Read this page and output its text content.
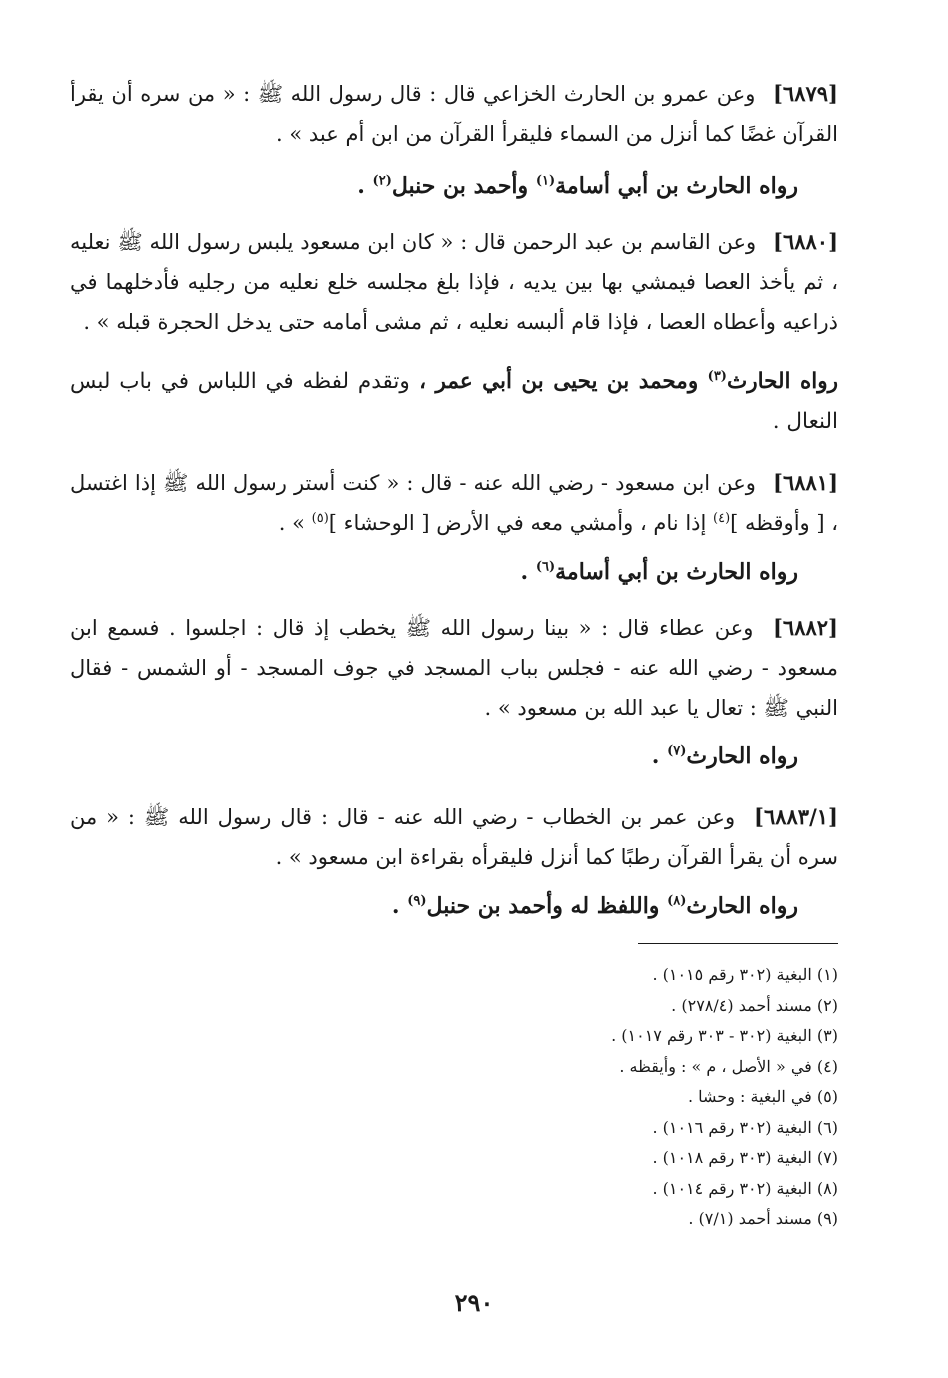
[٦٨٧٩] وعن عمرو بن الحارث الخزاعي قال : قال رسول الله ﷺ : « من سره أن يقرأ القرآن غضًا كما أنزل من السماء فليقرأ القرآن من ابن أم عبد » .
رواه الحارث بن أبي أسامة$^{(١)}$ وأحمد بن حنبل$^{(٢)}$ .
[٦٨٨٠] وعن القاسم بن عبد الرحمن قال : « كان ابن مسعود يلبس رسول الله ﷺ نعليه ، ثم يأخذ العصا فيمشي بها بين يديه ، فإذا بلغ مجلسه خلع نعليه من رجليه فأدخلهما في ذراعيه وأعطاه العصا ، فإذا قام ألبسه نعليه ، ثم مشى أمامه حتى يدخل الحجرة قبله » .
رواه الحارث$^{(٣)}$ ومحمد بن يحيى بن أبي عمر ، وتقدم لفظه في اللباس في باب لبس النعال .
[٦٨٨١] وعن ابن مسعود - رضي الله عنه - قال : « كنت أستر رسول الله ﷺ إذا اغتسل ، [ وأوقظه ]$^{(٤)}$ إذا نام ، وأمشي معه في الأرض [ الوحشاء ]$^{(٥)}$ » .
رواه الحارث بن أبي أسامة$^{(٦)}$ .
[٦٨٨٢] وعن عطاء قال : « بينا رسول الله ﷺ يخطب إذ قال : اجلسوا . فسمع ابن مسعود - رضي الله عنه - فجلس بباب المسجد في جوف المسجد - أو الشمس - فقال النبي ﷺ : تعال يا عبد الله بن مسعود » .
رواه الحارث$^{(٧)}$ .
[٦٨٨٣/١] وعن عمر بن الخطاب - رضي الله عنه - قال : قال رسول الله ﷺ : « من سره أن يقرأ القرآن رطبًا كما أنزل فليقرأه بقراءة ابن مسعود » .
رواه الحارث$^{(٨)}$ واللفظ له وأحمد بن حنبل$^{(٩)}$ .
(١) البغية (٣٠٢ رقم ١٠١٥) .
(٢) مسند أحمد (٢٧٨/٤) .
(٣) البغية (٣٠٢ - ٣٠٣ رقم ١٠١٧) .
(٤) في « الأصل ، م » : وأيقظه .
(٥) في البغية : وحشا .
(٦) البغية (٣٠٢ رقم ١٠١٦) .
(٧) البغية (٣٠٣ رقم ١٠١٨) .
(٨) البغية (٣٠٢ رقم ١٠١٤) .
(٩) مسند أحمد (٧/١) .
٢٩٠
